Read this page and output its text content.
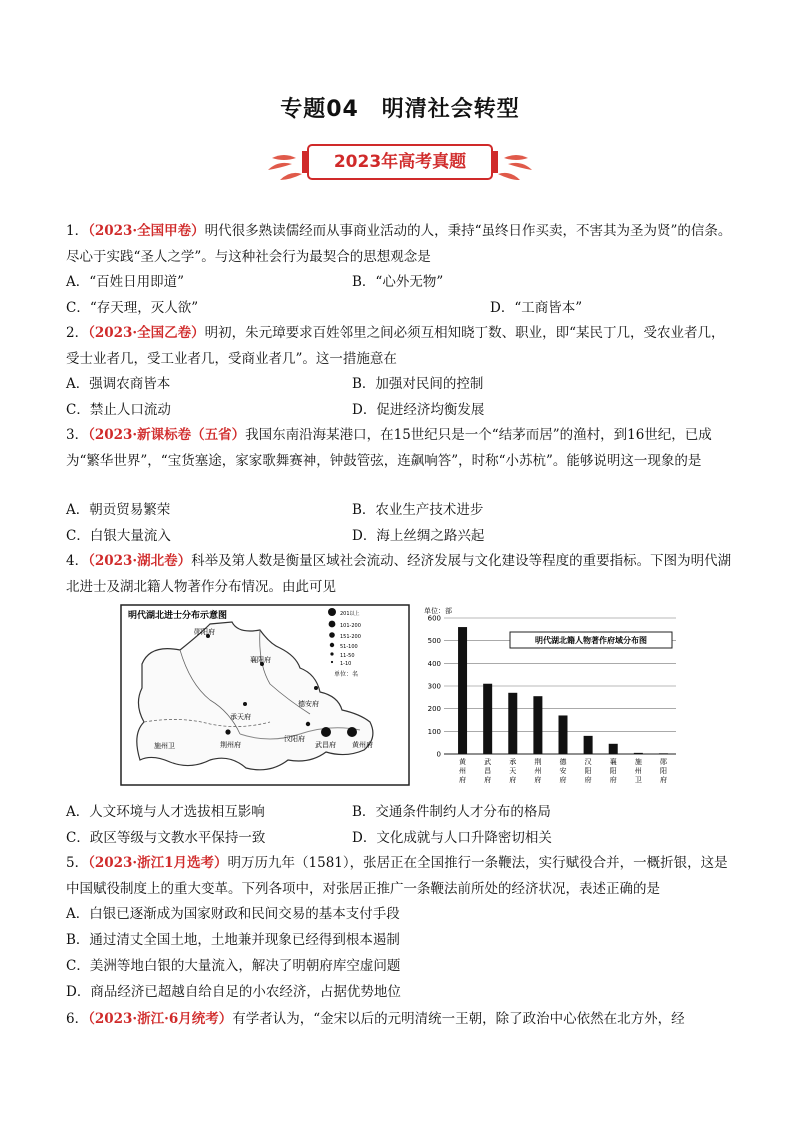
专题04　明清社会转型
2023年高考真题
1．（2023·全国甲卷）明代很多熟读儒经而从事商业活动的人，秉持“虽终日作买卖，不害其为圣为贤”的信条。尽心于实践“圣人之学”。与这种社会行为最契合的思想观念是
A．“百姓日用即道”	B．“心外无物”
C．“存天理，灭人欲”	D．“工商皆本”
2．（2023·全国乙卷）明初，朱元璋要求百姓邻里之间必须互相知晓丁数、职业，即“某民丁几，受农业者几，受士业者几，受工业者几，受商业者几”。这一措施意在
A．强调农商皆本	B．加强对民间的控制
C．禁止人口流动	D．促进经济均衡发展
3．（2023·新课标卷（五省）我国东南沿海某港口，在15世纪只是一个“结茅而居”的渔村，到16世纪，已成为“繁华世界”，“宝货塞途，家家歌舞赛神，钟鼓管弦，连飙响答”，时称“小苏杭”。能够说明这一现象的是
A．朝贡贸易繁荣	B．农业生产技术进步
C．白银大量流入	D．海上丝绸之路兴起
4．（2023·湖北卷）科举及第人数是衡量区域社会流动、经济发展与文化建设等程度的重要指标。下图为明代湖北进士及湖北籍人物著作分布情况。由此可见
明代湖北进士分布示意图	201以上
101-200
151-200
51-100
11-50
1-10
单位：名
郧阳府
襄阳府
德安府
承天府
施州卫	荆州府
汉阳府
武昌府 黄州府
单位：部
0
100
200
300
400
500
600
黄州府
武昌府
承天府
荆州府
德安府
汉阳府
襄阳府
施州卫
郧阳府
明代湖北籍人物著作府域分布图
A．人文环境与人才选拔相互影响	B．交通条件制约人才分布的格局
C．政区等级与文教水平保持一致	D．文化成就与人口升降密切相关
5．（2023·浙江1月选考）明万历九年（1581），张居正在全国推行一条鞭法，实行赋役合并，一概折银，这是中国赋役制度上的重大变革。下列各项中，对张居正推广一条鞭法前所处的经济状况，表述正确的是
A．白银已逐渐成为国家财政和民间交易的基本支付手段
B．通过清丈全国土地，土地兼并现象已经得到根本遏制
C．美洲等地白银的大量流入，解决了明朝府库空虚问题
D．商品经济已超越自给自足的小农经济，占据优势地位
6．（2023·浙江·6月统考）有学者认为，“金宋以后的元明清统一王朝，除了政治中心依然在北方外，经
